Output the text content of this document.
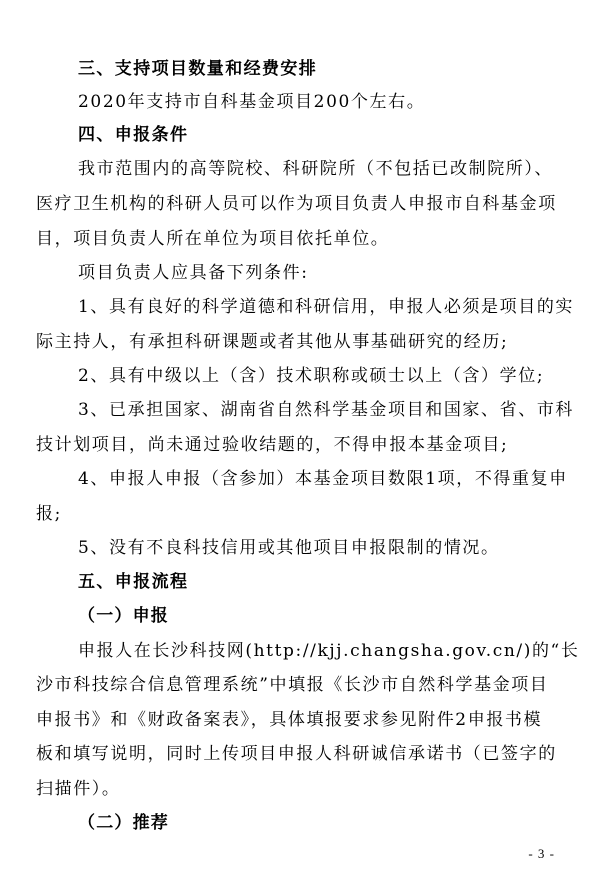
三、支持项目数量和经费安排
2020年支持市自科基金项目200个左右。
四、申报条件
我市范围内的高等院校、科研院所（不包括已改制院所）、
医疗卫生机构的科研人员可以作为项目负责人申报市自科基金项
目，项目负责人所在单位为项目依托单位。
项目负责人应具备下列条件:
1、具有良好的科学道德和科研信用，申报人必须是项目的实
际主持人，有承担科研课题或者其他从事基础研究的经历;
2、具有中级以上（含）技术职称或硕士以上（含）学位;
3、已承担国家、湖南省自然科学基金项目和国家、省、市科
技计划项目，尚未通过验收结题的，不得申报本基金项目;
4、申报人申报（含参加）本基金项目数限1项，不得重复申
报;
5、没有不良科技信用或其他项目申报限制的情况。
五、申报流程
（一）申报
申报人在长沙科技网(http://kjj.changsha.gov.cn/)的“长
沙市科技综合信息管理系统”中填报《长沙市自然科学基金项目
申报书》和《财政备案表》，具体填报要求参见附件2申报书模
板和填写说明，同时上传项目申报人科研诚信承诺书（已签字的
扫描件）。
（二）推荐
- 3 -
